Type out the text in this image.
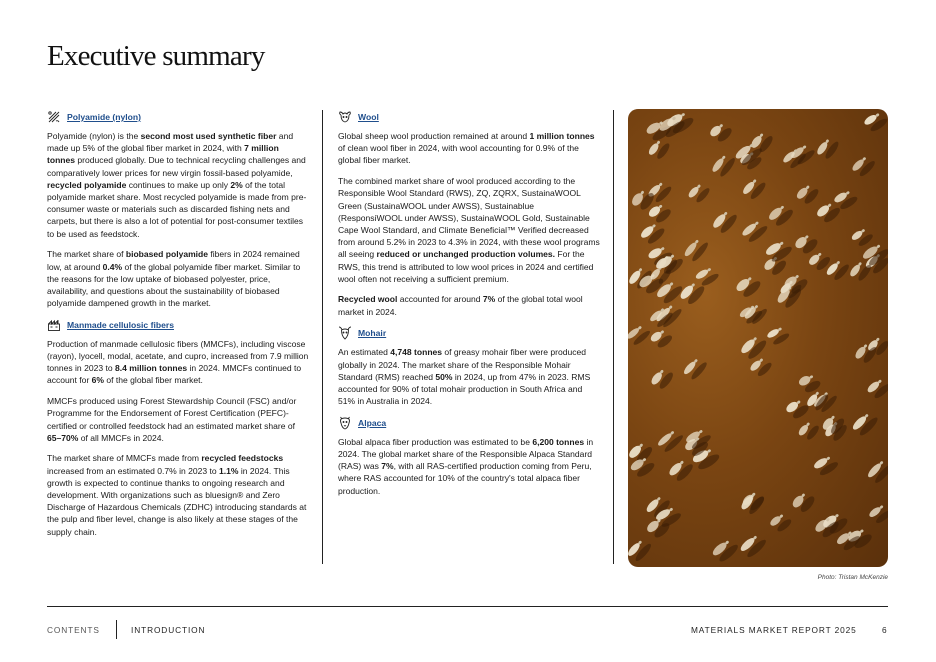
Executive summary
Polyamide (nylon)

Polyamide (nylon) is the second most used synthetic fiber and made up 5% of the global fiber market in 2024, with 7 million tonnes produced globally. Due to technical recycling challenges and comparatively lower prices for new virgin fossil-based polyamide, recycled polyamide continues to make up only 2% of the total polyamide market share. Most recycled polyamide is made from pre-consumer waste or materials such as discarded fishing nets and carpets, but there is also a lot of potential for post-consumer textiles to be used as feedstock.

The market share of biobased polyamide fibers in 2024 remained low, at around 0.4% of the global polyamide fiber market. Similar to the reasons for the low uptake of biobased polyester, price, availability, and questions about the sustainability of biobased polyamide dampened growth in the market.

Manmade cellulosic fibers

Production of manmade cellulosic fibers (MMCFs), including viscose (rayon), lyocell, modal, acetate, and cupro, increased from 7.9 million tonnes in 2023 to 8.4 million tonnes in 2024. MMCFs continued to account for 6% of the global fiber market.

MMCFs produced using Forest Stewardship Council (FSC) and/or Programme for the Endorsement of Forest Certification (PEFC)-certified or controlled feedstock had an estimated market share of 65–70% of all MMCFs in 2024.

The market share of MMCFs made from recycled feedstocks increased from an estimated 0.7% in 2023 to 1.1% in 2024. This growth is expected to continue thanks to ongoing research and development. With organizations such as bluesign® and Zero Discharge of Hazardous Chemicals (ZDHC) introducing standards at the pulp and fiber level, change is also likely at these stages of the supply chain.

Wool

Global sheep wool production remained at around 1 million tonnes of clean wool fiber in 2024, with wool accounting for 0.9% of the global fiber market.

The combined market share of wool produced according to the Responsible Wool Standard (RWS), ZQ, ZQRX, SustainaWOOL Green (SustainaWOOL under AWSS), Sustainablue (ResponsiWOOL under AWSS), SustainaWOOL Gold, Sustainable Cape Wool Standard, and Climate Beneficial™ Verified decreased from around 5.2% in 2023 to 4.3% in 2024, with these wool programs all seeing reduced or unchanged production volumes. For the RWS, this trend is attributed to low wool prices in 2024 and certified wool often not receiving a sufficient premium.

Recycled wool accounted for around 7% of the global total wool market in 2024.

Mohair

An estimated 4,748 tonnes of greasy mohair fiber were produced globally in 2024. The market share of the Responsible Mohair Standard (RMS) reached 50% in 2024, up from 47% in 2023. RMS accounted for 90% of total mohair production in South Africa and 51% in Australia in 2024.

Alpaca

Global alpaca fiber production was estimated to be 6,200 tonnes in 2024. The global market share of the Responsible Alpaca Standard (RAS) was 7%, with all RAS-certified production coming from Peru, where RAS accounted for 10% of the country's total alpaca fiber production.

Photo: Tristan McKenzie
CONTENTS	INTRODUCTION	MATERIALS MARKET REPORT 2025	6
